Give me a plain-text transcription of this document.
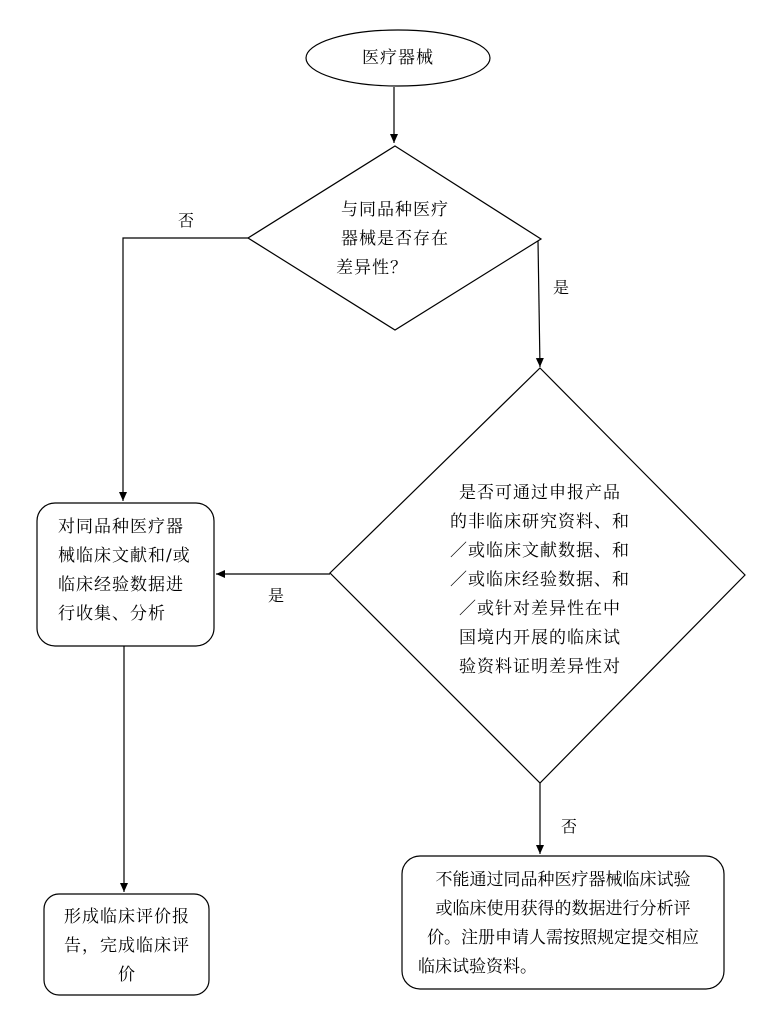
医疗器械
与同品种医疗
器械是否存在
差异性？
是否可通过申报产品
的非临床研究资料、和
／或临床文献数据、和
／或临床经验数据、和
／或针对差异性在中
国境内开展的临床试
验资料证明差异性对
对同品种医疗器
械临床文献和/或
临床经验数据进
行收集、分析
形成临床评价报
告，完成临床评
价
不能通过同品种医疗器械临床试验
或临床使用获得的数据进行分析评
价。注册申请人需按照规定提交相应
临床试验资料。
否
是
是
否
